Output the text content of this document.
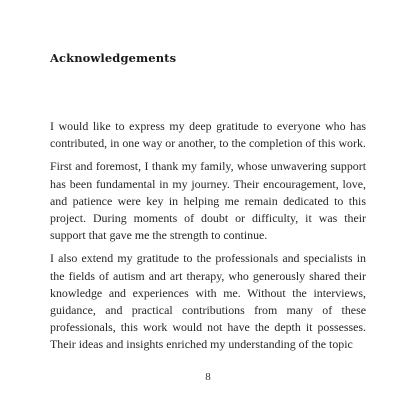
Acknowledgements

I would like to express my deep gratitude to everyone who has contributed, in one way or another, to the completion of this work.

First and foremost, I thank my family, whose unwavering support has been fundamental in my journey. Their encouragement, love, and patience were key in helping me remain dedicated to this project. During moments of doubt or difficulty, it was their support that gave me the strength to continue.

I also extend my gratitude to the professionals and specialists in the fields of autism and art therapy, who generously shared their knowledge and experiences with me. Without the interviews, guidance, and practical contributions from many of these professionals, this work would not have the depth it possesses. Their ideas and insights enriched my understanding of the topic

8
